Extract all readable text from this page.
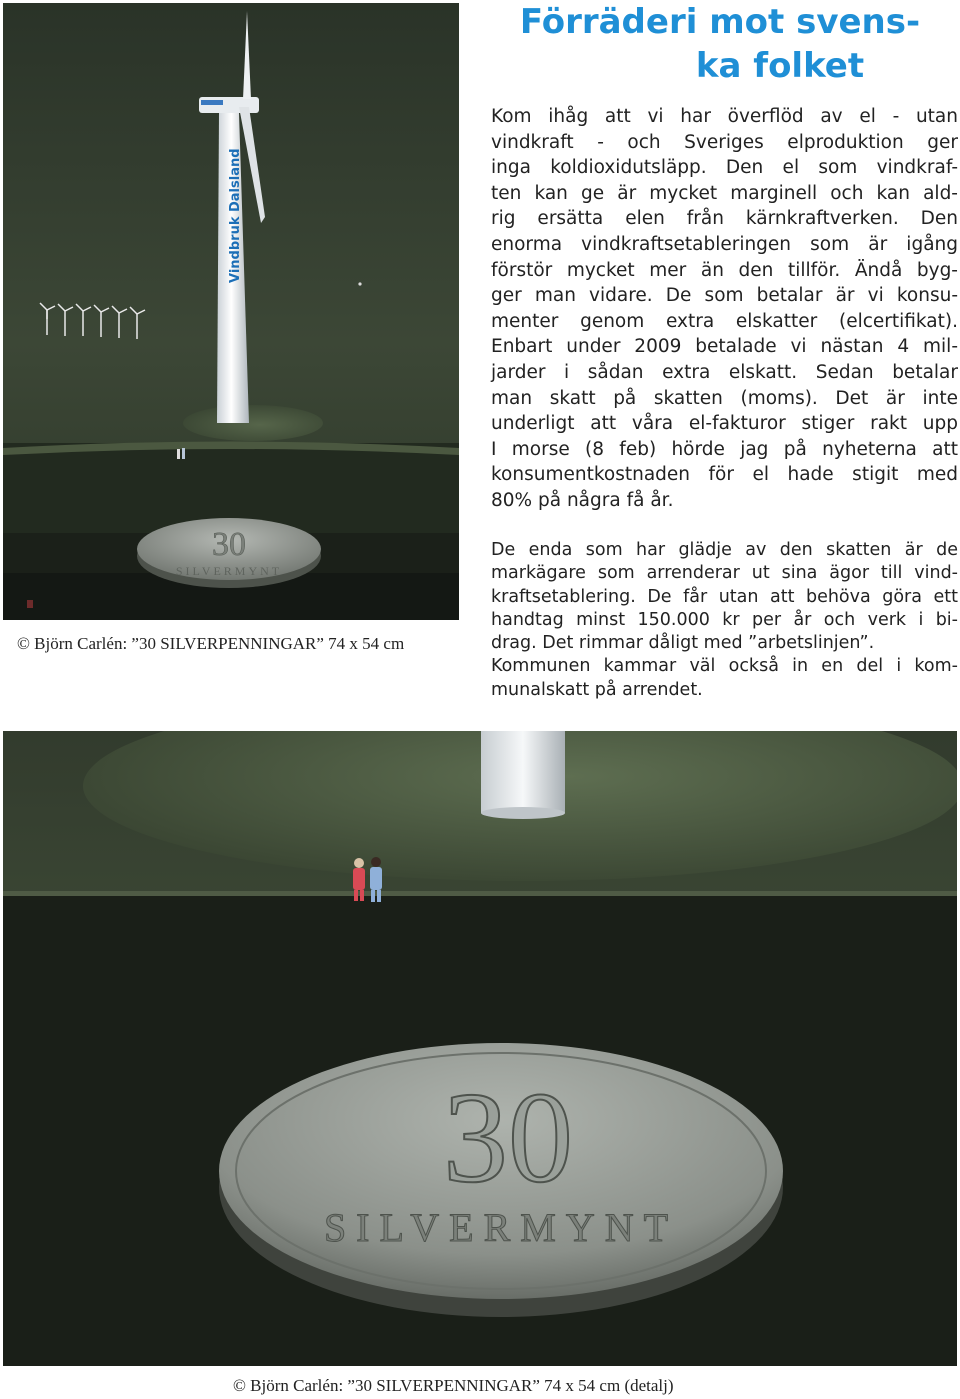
Förräderi mot svens-
ka folket
Kom ihåg att vi har överflöd av el - utan
vindkraft - och Sveriges elproduktion ger
inga koldioxidutsläpp. Den el som vindkraf-
ten kan ge är mycket marginell och kan ald-
rig ersätta elen från kärnkraftverken. Den
enorma vindkraftsetableringen som är igång
förstör mycket mer än den tillför. Ändå byg-
ger man vidare. De som betalar är vi konsu-
menter genom extra elskatter (elcertifikat).
Enbart under 2009 betalade vi nästan 4 mil-
jarder i sådan extra elskatt. Sedan betalar
man skatt på skatten (moms). Det är inte
underligt att våra el-fakturor stiger rakt upp
I morse (8 feb) hörde jag på nyheterna att
konsumentkostnaden för el hade stigit med
80% på några få år.
De enda som har glädje av den skatten är de
markägare som arrenderar ut sina ägor till vind-
kraftsetablering. De får utan att behöva göra ett
handtag minst 150.000 kr per år och verk i bi-
drag. Det rimmar dåligt med ”arbetslinjen”.
Kommunen kammar väl också in en del i kom-
munalskatt på arrendet.
Vindbruk Dalsland
30
SILVERMYNT
© Björn Carlén: ”30 SILVERPENNINGAR” 74 x 54 cm
30
SILVERMYNT
© Björn Carlén: ”30 SILVERPENNINGAR” 74 x 54 cm (detalj)
